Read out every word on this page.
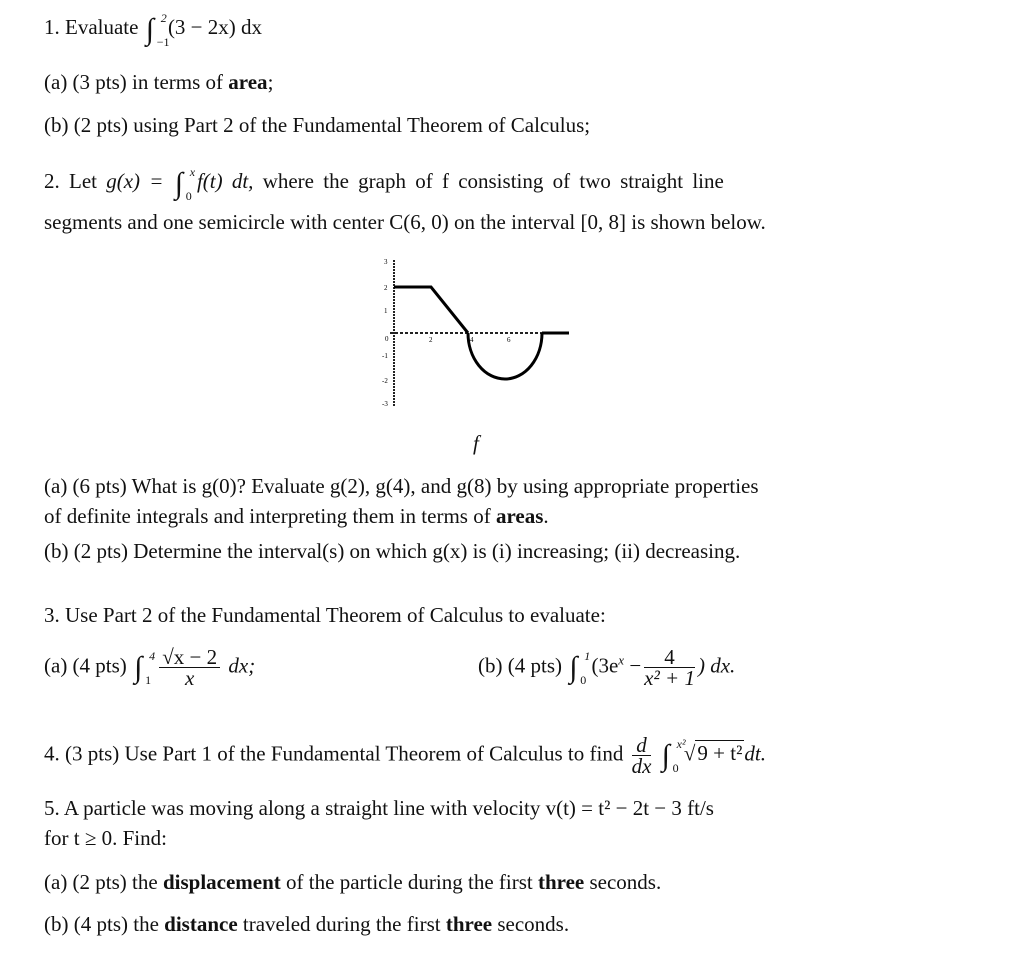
1. Evaluate ∫ 2
−1
(3 − 2x) dx
(a) (3 pts) in terms of area;
(b) (2 pts) using Part 2 of the Fundamental Theorem of Calculus;
2. Let g(x) = ∫ x
0
f(t) dt, where the graph of f consisting of two straight line
segments and one semicircle with center C(6, 0) on the interval [0, 8] is shown below.
3
2
1
-1
-2
-3
0	2	4	6
f
(a) (6 pts) What is g(0)? Evaluate g(2), g(4), and g(8) by using appropriate properties
of definite integrals and interpreting them in terms of areas.
(b) (2 pts) Determine the interval(s) on which g(x) is (i) increasing; (ii) decreasing.
3. Use Part 2 of the Fundamental Theorem of Calculus to evaluate:
(a) (4 pts) ∫ 4
$1 \frac{√x - 2}{x}$ dx;	(b) (4 pts) ∫ 1
0
($3e^x - \frac{4}{\text{x² + 1}}$ ) dx.
4. (3 pts) Use Part 1 of the Fundamental Theorem of Calculus to find $\frac{d}{dx}$ ∫ x²
0
√9 + t²dt.
5. A particle was moving along a straight line with velocity v(t) = t² − 2t − 3 ft/s
for t ≥ 0. Find:
(a) (2 pts) the displacement of the particle during the first three seconds.
(b) (4 pts) the distance traveled during the first three seconds.
